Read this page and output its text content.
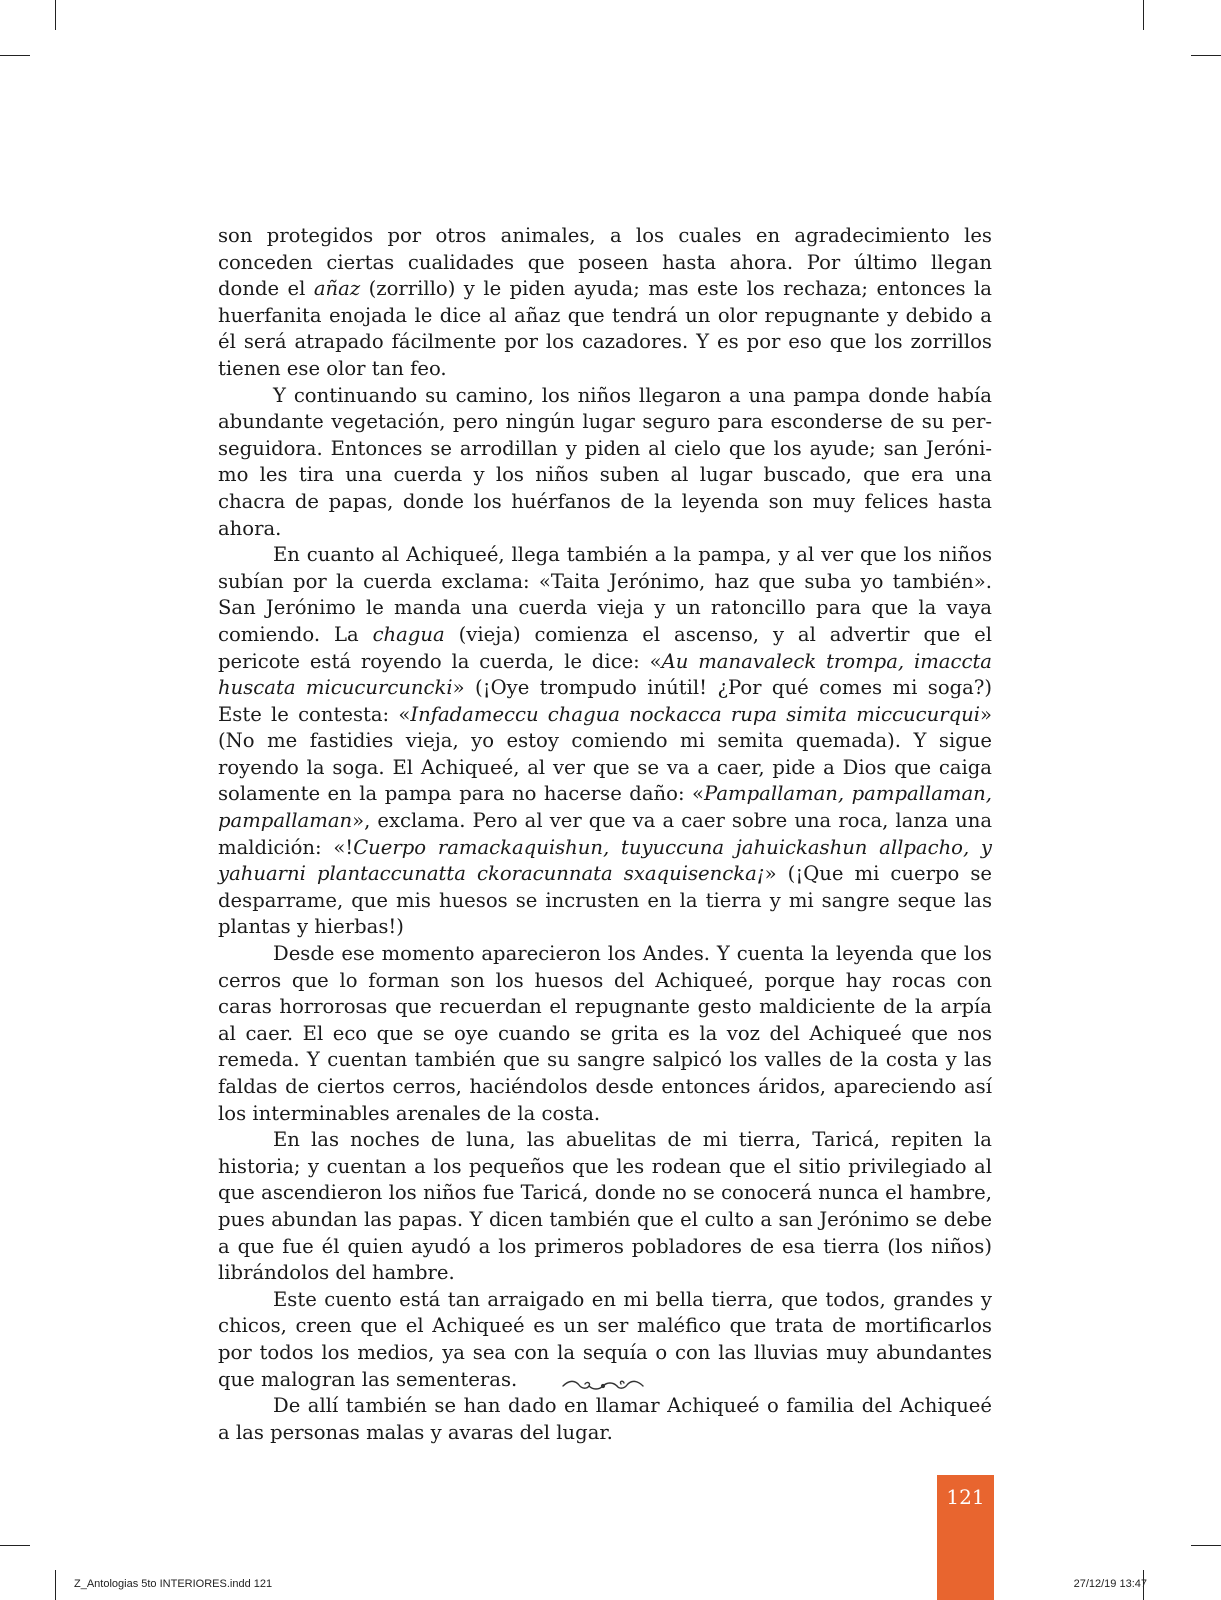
son protegidos por otros animales, a los cuales en agradecimiento les conceden ciertas cualidades que poseen hasta ahora. Por último llegan donde el añaz (zorrillo) y le piden ayuda; mas este los rechaza; entonces la huerfanita enojada le dice al añaz que tendrá un olor repugnante y debido a él será atrapado fácilmente por los cazadores. Y es por eso que los zorrillos tienen ese olor tan feo.

Y continuando su camino, los niños llegaron a una pampa donde había abundante vegetación, pero ningún lugar seguro para esconderse de su perseguidora. Entonces se arrodillan y piden al cielo que los ayude; san Jerónimo les tira una cuerda y los niños suben al lugar buscado, que era una chacra de papas, donde los huérfanos de la leyenda son muy felices hasta ahora.

En cuanto al Achiqueé, llega también a la pampa, y al ver que los niños subían por la cuerda exclama: «Taita Jerónimo, haz que suba yo también». San Jerónimo le manda una cuerda vieja y un ratoncillo para que la vaya comiendo. La chagua (vieja) comienza el ascenso, y al advertir que el pericote está royendo la cuerda, le dice: «Au manavaleck trompa, imaccta huscata micucurcuncki» (¡Oye trompudo inútil! ¿Por qué comes mi soga?) Este le contesta: «Infadameccu chagua nockacca rupa simita miccucurqui» (No me fastidies vieja, yo estoy comiendo mi semita quemada). Y sigue royendo la soga. El Achiqueé, al ver que se va a caer, pide a Dios que caiga solamente en la pampa para no hacerse daño: «Pampallaman, pampallaman, pampallaman», exclama. Pero al ver que va a caer sobre una roca, lanza una maldición: «!Cuerpo ramackaquishun, tuyuccuna jahuickashun allpacho, y yahuarni plantaccunatta ckoracunnata sxaquisencka¡» (¡Que mi cuerpo se desparrame, que mis huesos se incrusten en la tierra y mi sangre seque las plantas y hierbas!)

Desde ese momento aparecieron los Andes. Y cuenta la leyenda que los cerros que lo forman son los huesos del Achiqueé, porque hay rocas con caras horrorosas que recuerdan el repugnante gesto maldiciente de la arpía al caer. El eco que se oye cuando se grita es la voz del Achiqueé que nos remeda. Y cuentan también que su sangre salpicó los valles de la costa y las faldas de ciertos cerros, haciéndolos desde entonces áridos, apareciendo así los interminables arenales de la costa.

En las noches de luna, las abuelitas de mi tierra, Taricá, repiten la historia; y cuentan a los pequeños que les rodean que el sitio privilegiado al que ascendieron los niños fue Taricá, donde no se conocerá nunca el hambre, pues abundan las papas. Y dicen también que el culto a san Jerónimo se debe a que fue él quien ayudó a los primeros pobladores de esa tierra (los niños) librándolos del hambre.

Este cuento está tan arraigado en mi bella tierra, que todos, grandes y chicos, creen que el Achiqueé es un ser maléfico que trata de mortificarlos por todos los medios, ya sea con la sequía o con las lluvias muy abundantes que malogran las sementeras.

De allí también se han dado en llamar Achiqueé o familia del Achiqueé a las personas malas y avaras del lugar.

121
Z_Antologias 5to INTERIORES.indd 121	27/12/19 13:47
